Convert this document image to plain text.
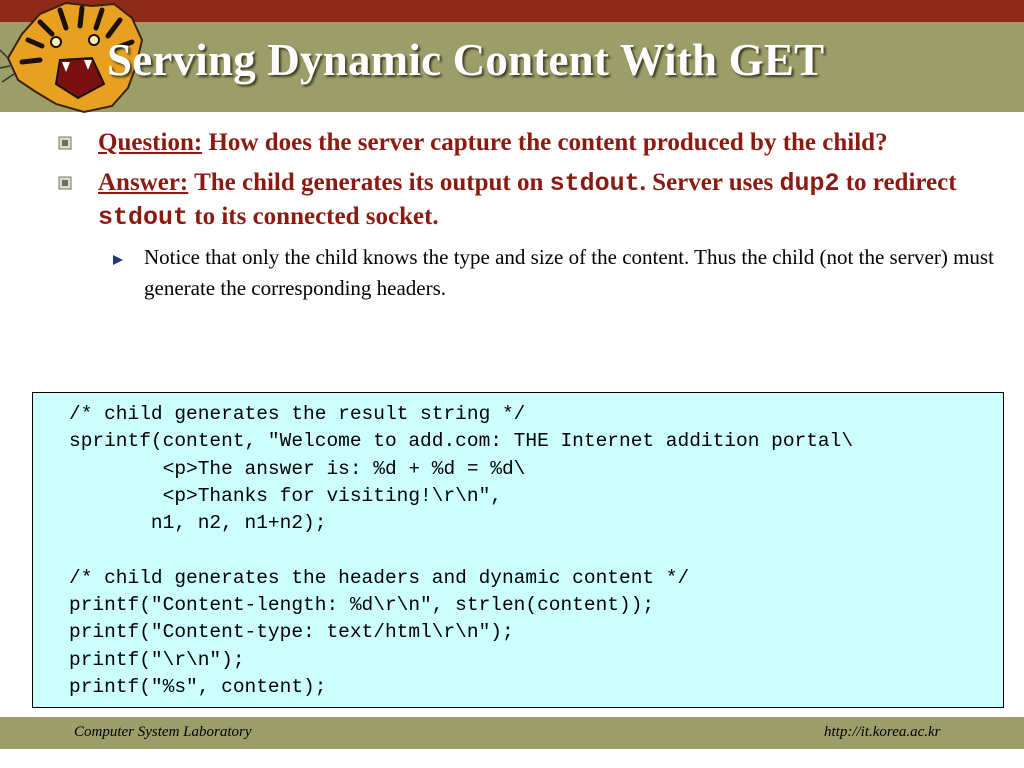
Serving Dynamic Content With GET
Question: How does the server capture the content produced by the child?
Answer: The child generates its output on stdout. Server uses dup2 to redirect stdout to its connected socket.
Notice that only the child knows the type and size of the content. Thus the child (not the server) must generate the corresponding headers.
/* child generates the result string */
sprintf(content, "Welcome to add.com: THE Internet addition portal\
<p>The answer is: %d + %d = %d\
<p>Thanks for visiting!\r\n",
n1, n2, n1+n2);

/* child generates the headers and dynamic content */
printf("Content-length: %d\r\n", strlen(content));
printf("Content-type: text/html\r\n");
printf("\r\n");
printf("%s", content);
Computer System Laboratory	http://it.korea.ac.kr
